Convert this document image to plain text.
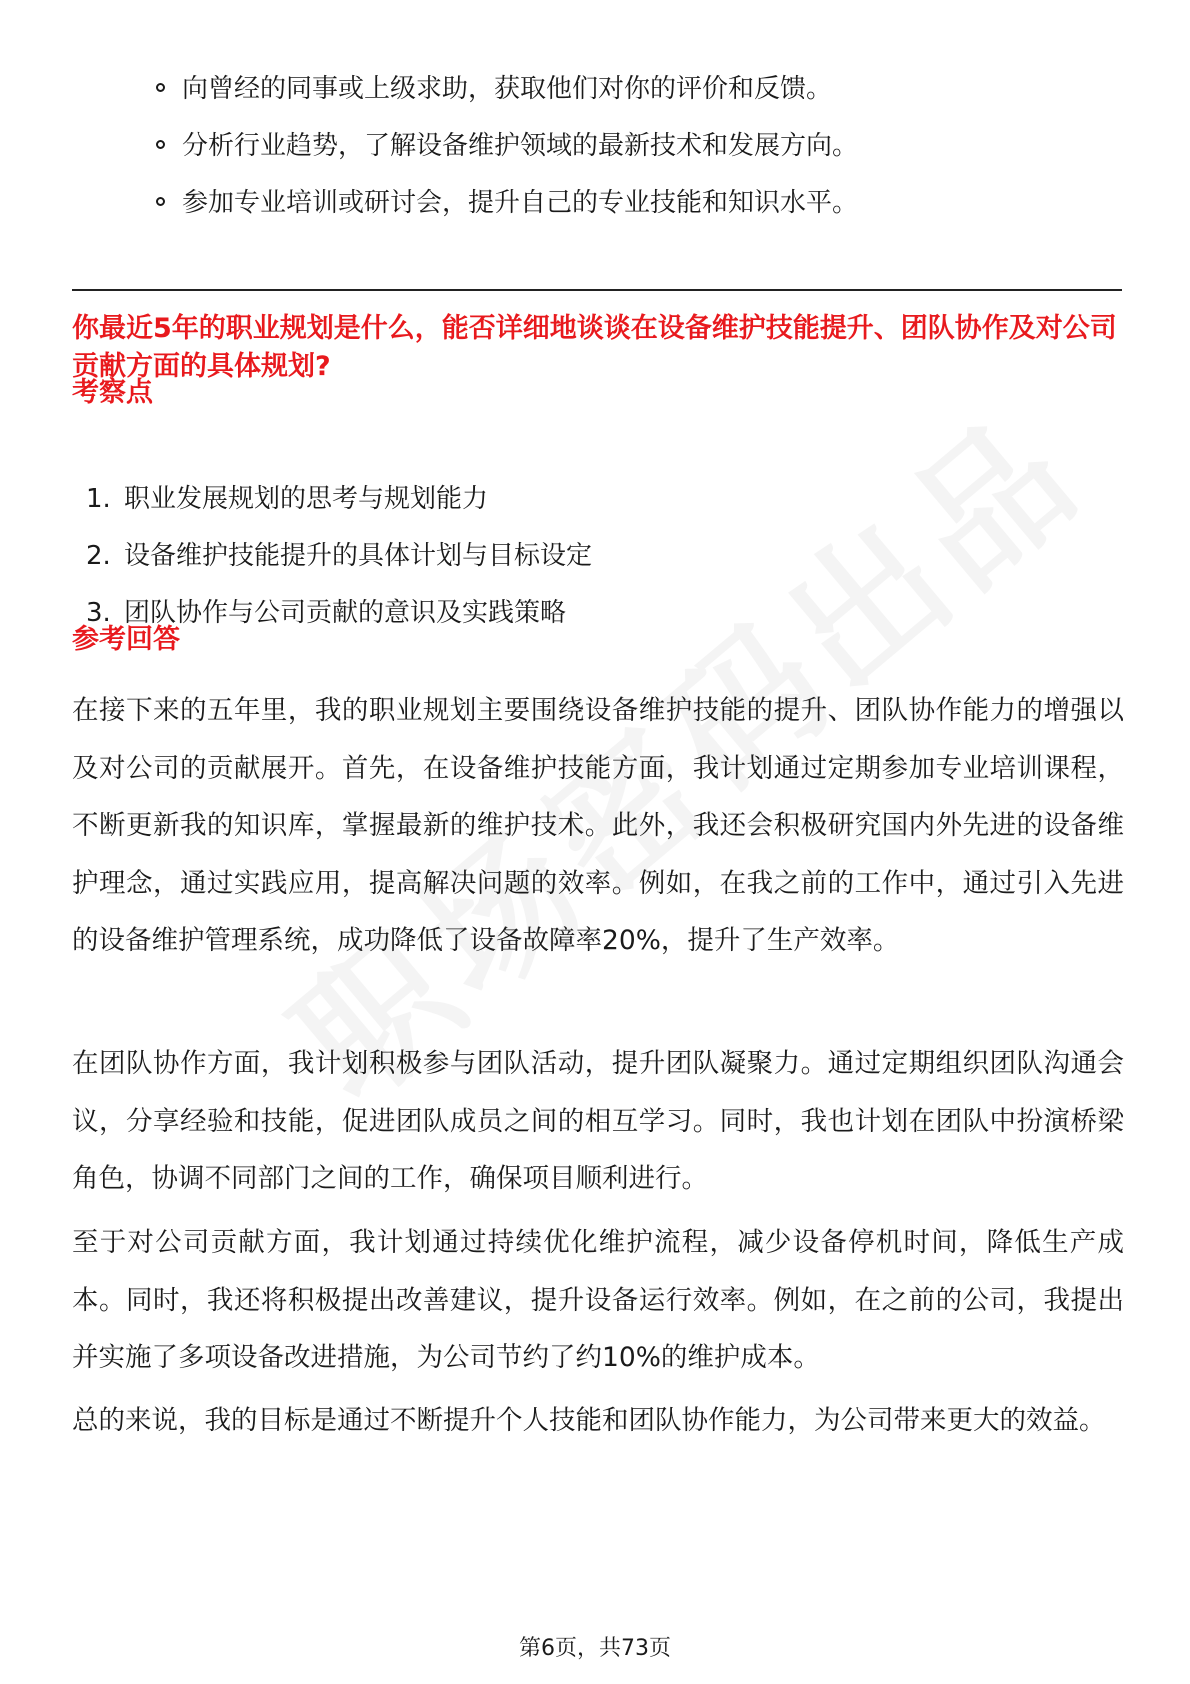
向曾经的同事或上级求助，获取他们对你的评价和反馈。
分析行业趋势，了解设备维护领域的最新技术和发展方向。
参加专业培训或研讨会，提升自己的专业技能和知识水平。
你最近5年的职业规划是什么，能否详细地谈谈在设备维护技能提升、团队协作及对公司贡献方面的具体规划?
考察点
1. 职业发展规划的思考与规划能力
2. 设备维护技能提升的具体计划与目标设定
3. 团队协作与公司贡献的意识及实践策略
参考回答
在接下来的五年里，我的职业规划主要围绕设备维护技能的提升、团队协作能力的增强以及对公司的贡献展开。首先，在设备维护技能方面，我计划通过定期参加专业培训课程，不断更新我的知识库，掌握最新的维护技术。此外，我还会积极研究国内外先进的设备维护理念，通过实践应用，提高解决问题的效率。例如，在我之前的工作中，通过引入先进的设备维护管理系统，成功降低了设备故障率20%，提升了生产效率。
在团队协作方面，我计划积极参与团队活动，提升团队凝聚力。通过定期组织团队沟通会议，分享经验和技能，促进团队成员之间的相互学习。同时，我也计划在团队中扮演桥梁角色，协调不同部门之间的工作，确保项目顺利进行。
至于对公司贡献方面，我计划通过持续优化维护流程，减少设备停机时间，降低生产成本。同时，我还将积极提出改善建议，提升设备运行效率。例如，在之前的公司，我提出并实施了多项设备改进措施，为公司节约了约10%的维护成本。
总的来说，我的目标是通过不断提升个人技能和团队协作能力，为公司带来更大的效益。
第6页，共73页
